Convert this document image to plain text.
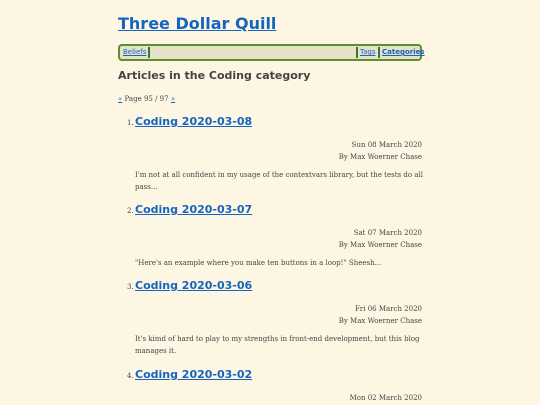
Three Dollar Quill
Beliefs	Tags Categories
Articles in the Coding category
« Page 95 / 97 »
1. Coding 2020-03-08
Sun 08 March 2020
By Max Woerner Chase
I'm not at all confident in my usage of the contextvars library, but the tests do all pass...
2. Coding 2020-03-07
Sat 07 March 2020
By Max Woerner Chase
"Here's an example where you make ten buttons in a loop!" Sheesh...
3. Coding 2020-03-06
Fri 06 March 2020
By Max Woerner Chase
It's kimd of hard to play to my strengths in front-end development, but this blog manages it.
4. Coding 2020-03-02
Mon 02 March 2020
